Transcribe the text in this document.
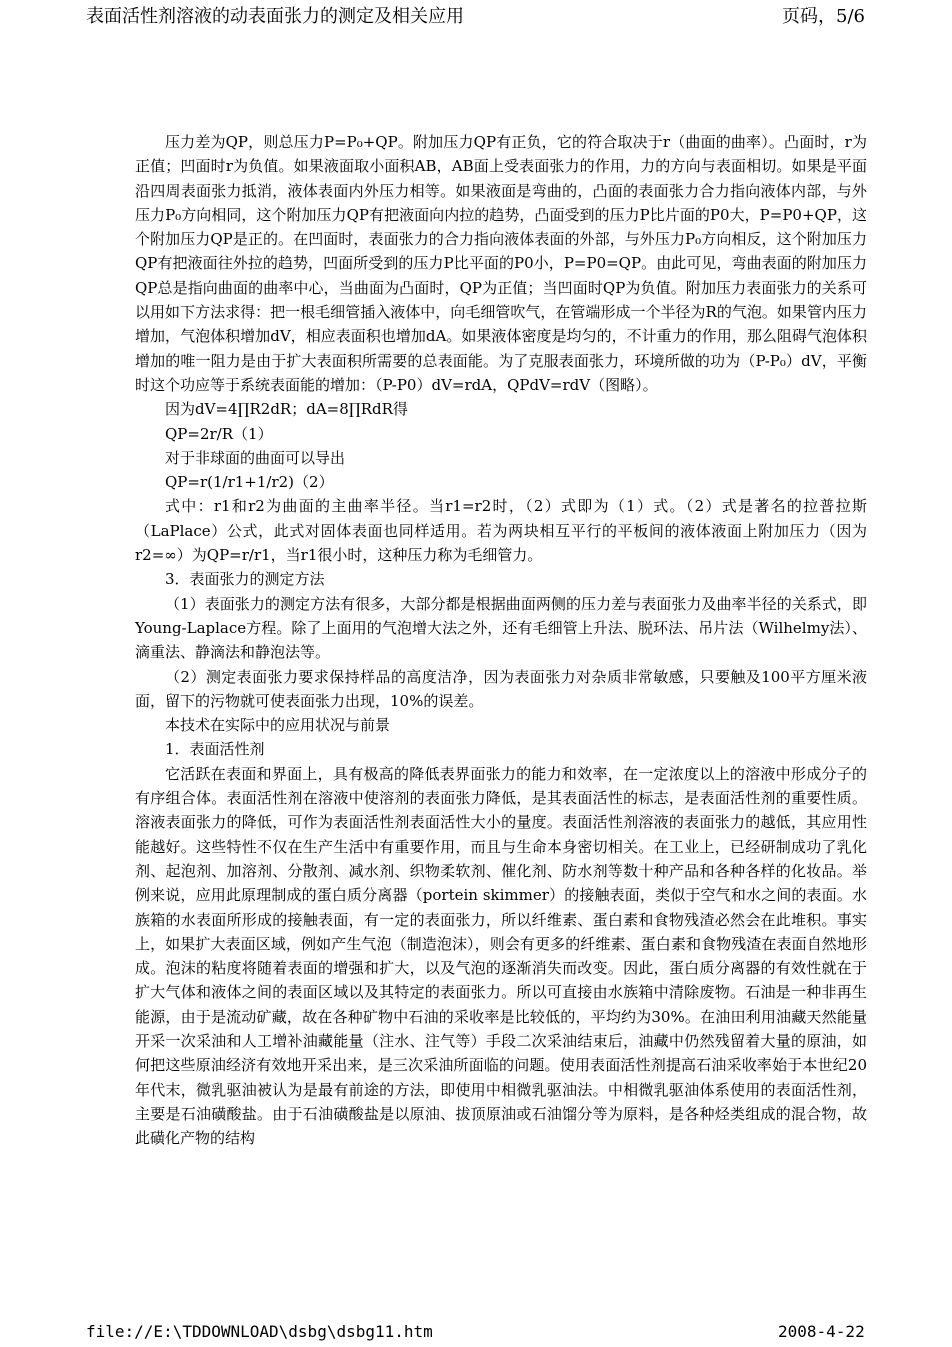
表面活性剂溶液的动表面张力的测定及相关应用	页码，5/6

压力差为QP，则总压力P=P₀+QP。附加压力QP有正负，它的符合取决于r（曲面的曲率）。凸面时，r为正值；凹面时r为负值。如果液面取小面积AB，AB面上受表面张力的作用，力的方向与表面相切。如果是平面沿四周表面张力抵消，液体表面内外压力相等。如果液面是弯曲的，凸面的表面张力合力指向液体内部，与外压力P₀方向相同，这个附加压力QP有把液面向内拉的趋势，凸面受到的压力P比片面的P0大，P=P0+QP，这个附加压力QP是正的。在凹面时，表面张力的合力指向液体表面的外部，与外压力P₀方向相反，这个附加压力QP有把液面往外拉的趋势，凹面所受到的压力P比平面的P0小，P=P0=QP。由此可见，弯曲表面的附加压力QP总是指向曲面的曲率中心，当曲面为凸面时，QP为正值；当凹面时QP为负值。附加压力表面张力的关系可以用如下方法求得：把一根毛细管插入液体中，向毛细管吹气，在管端形成一个半径为R的气泡。如果管内压力增加，气泡体积增加dV，相应表面积也增加dA。如果液体密度是均匀的，不计重力的作用，那么阻碍气泡体积增加的唯一阻力是由于扩大表面积所需要的总表面能。为了克服表面张力，环境所做的功为（P-P₀）dV，平衡时这个功应等于系统表面能的增加：（P-P0）dV=rdA，QPdV=rdV（图略）。

因为dV=4∏R2dR；dA=8∏RdR得

QP=2r/R（1）

对于非球面的曲面可以导出

QP=r(1/r1+1/r2)（2）

式中：r1和r2为曲面的主曲率半径。当r1=r2时，（2）式即为（1）式。（2）式是著名的拉普拉斯（LaPlace）公式，此式对固体表面也同样适用。若为两块相互平行的平板间的液体液面上附加压力（因为r2=∞）为QP=r/r1，当r1很小时，这种压力称为毛细管力。

3．表面张力的测定方法

（1）表面张力的测定方法有很多，大部分都是根据曲面两侧的压力差与表面张力及曲率半径的关系式，即Young-Laplace方程。除了上面用的气泡增大法之外，还有毛细管上升法、脱环法、吊片法（Wilhelmy法）、滴重法、静滴法和静泡法等。

（2）测定表面张力要求保持样品的高度洁净，因为表面张力对杂质非常敏感，只要触及100平方厘米液面，留下的污物就可使表面张力出现，10%的误差。

本技术在实际中的应用状况与前景

1．表面活性剂

它活跃在表面和界面上，具有极高的降低表界面张力的能力和效率，在一定浓度以上的溶液中形成分子的有序组合体。表面活性剂在溶液中使溶剂的表面张力降低，是其表面活性的标志，是表面活性剂的重要性质。溶液表面张力的降低，可作为表面活性剂表面活性大小的量度。表面活性剂溶液的表面张力的越低，其应用性能越好。这些特性不仅在生产生活中有重要作用，而且与生命本身密切相关。在工业上，已经研制成功了乳化剂、起泡剂、加溶剂、分散剂、减水剂、织物柔软剂、催化剂、防水剂等数十种产品和各种各样的化妆品。举例来说，应用此原理制成的蛋白质分离器（portein skimmer）的接触表面，类似于空气和水之间的表面。水族箱的水表面所形成的接触表面，有一定的表面张力，所以纤维素、蛋白素和食物残渣必然会在此堆积。事实上，如果扩大表面区域，例如产生气泡（制造泡沫），则会有更多的纤维素、蛋白素和食物残渣在表面自然地形成。泡沫的粘度将随着表面的增强和扩大，以及气泡的逐渐消失而改变。因此，蛋白质分离器的有效性就在于扩大气体和液体之间的表面区域以及其特定的表面张力。所以可直接由水族箱中清除废物。石油是一种非再生能源，由于是流动矿藏，故在各种矿物中石油的采收率是比较低的，平均约为30%。在油田利用油藏天然能量开采一次采油和人工增补油藏能量（注水、注气等）手段二次采油结束后，油藏中仍然残留着大量的原油，如何把这些原油经济有效地开采出来，是三次采油所面临的问题。使用表面活性剂提高石油采收率始于本世纪20年代末，微乳驱油被认为是最有前途的方法，即使用中相微乳驱油法。中相微乳驱油体系使用的表面活性剂，主要是石油磺酸盐。由于石油磺酸盐是以原油、拔顶原油或石油馏分等为原料，是各种烃类组成的混合物，故此磺化产物的结构

file://E:\TDDOWNLOAD\dsbg\dsbg11.htm	2008-4-22
